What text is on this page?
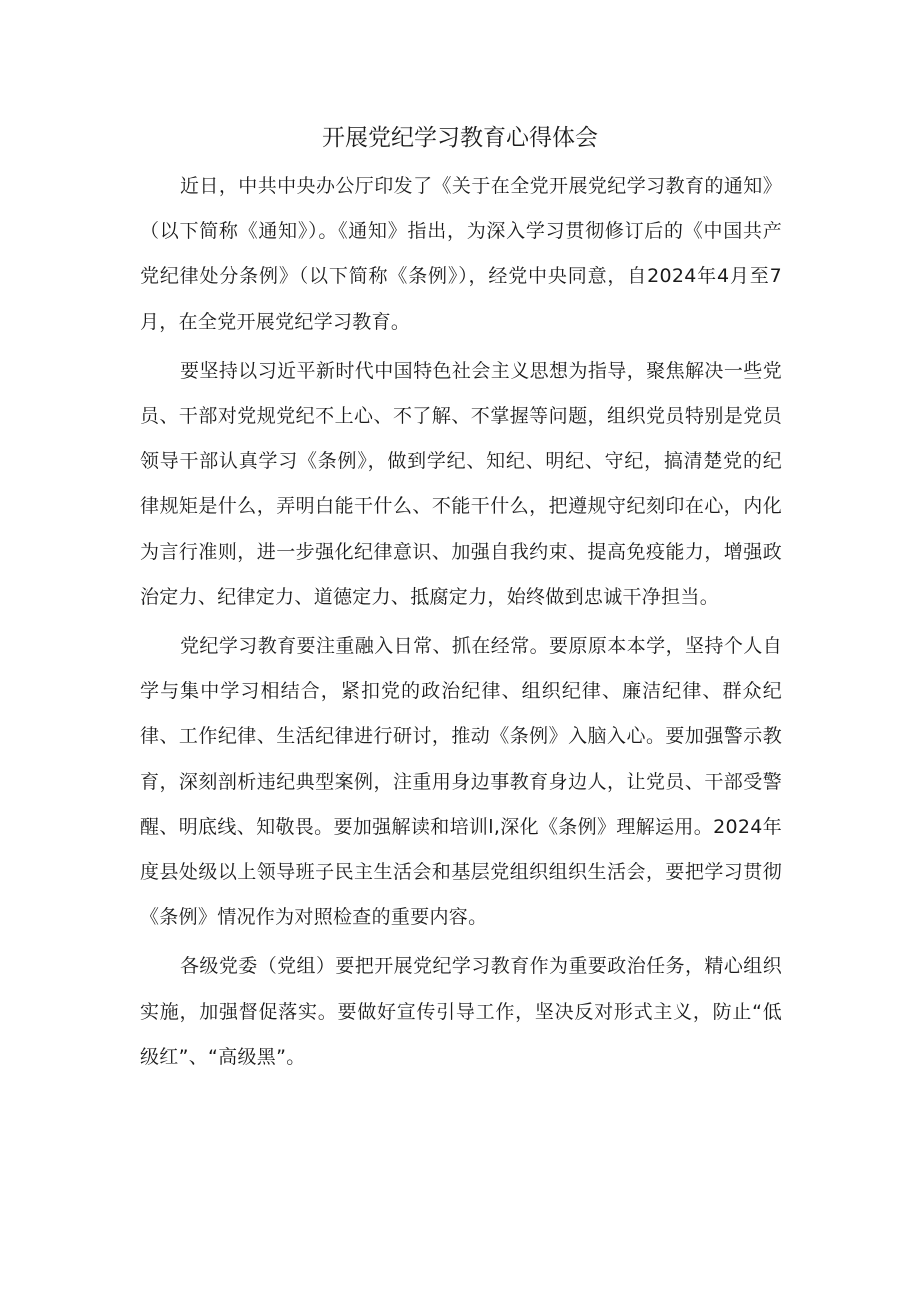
开展党纪学习教育心得体会

近日，中共中央办公厅印发了《关于在全党开展党纪学习教育的通知》（以下简称《通知》）。《通知》指出，为深入学习贯彻修订后的《中国共产党纪律处分条例》（以下简称《条例》），经党中央同意，自2024年4月至7月，在全党开展党纪学习教育。

要坚持以习近平新时代中国特色社会主义思想为指导，聚焦解决一些党员、干部对党规党纪不上心、不了解、不掌握等问题，组织党员特别是党员领导干部认真学习《条例》，做到学纪、知纪、明纪、守纪，搞清楚党的纪律规矩是什么，弄明白能干什么、不能干什么，把遵规守纪刻印在心，内化为言行准则，进一步强化纪律意识、加强自我约束、提高免疫能力，增强政治定力、纪律定力、道德定力、抵腐定力，始终做到忠诚干净担当。

党纪学习教育要注重融入日常、抓在经常。要原原本本学，坚持个人自学与集中学习相结合，紧扣党的政治纪律、组织纪律、廉洁纪律、群众纪律、工作纪律、生活纪律进行研讨，推动《条例》入脑入心。要加强警示教育，深刻剖析违纪典型案例，注重用身边事教育身边人，让党员、干部受警醒、明底线、知敬畏。要加强解读和培训l,深化《条例》理解运用。2024年度县处级以上领导班子民主生活会和基层党组织组织生活会，要把学习贯彻《条例》情况作为对照检查的重要内容。

各级党委（党组）要把开展党纪学习教育作为重要政治任务，精心组织实施，加强督促落实。要做好宣传引导工作，坚决反对形式主义，防止“低级红”、“高级黑”。
